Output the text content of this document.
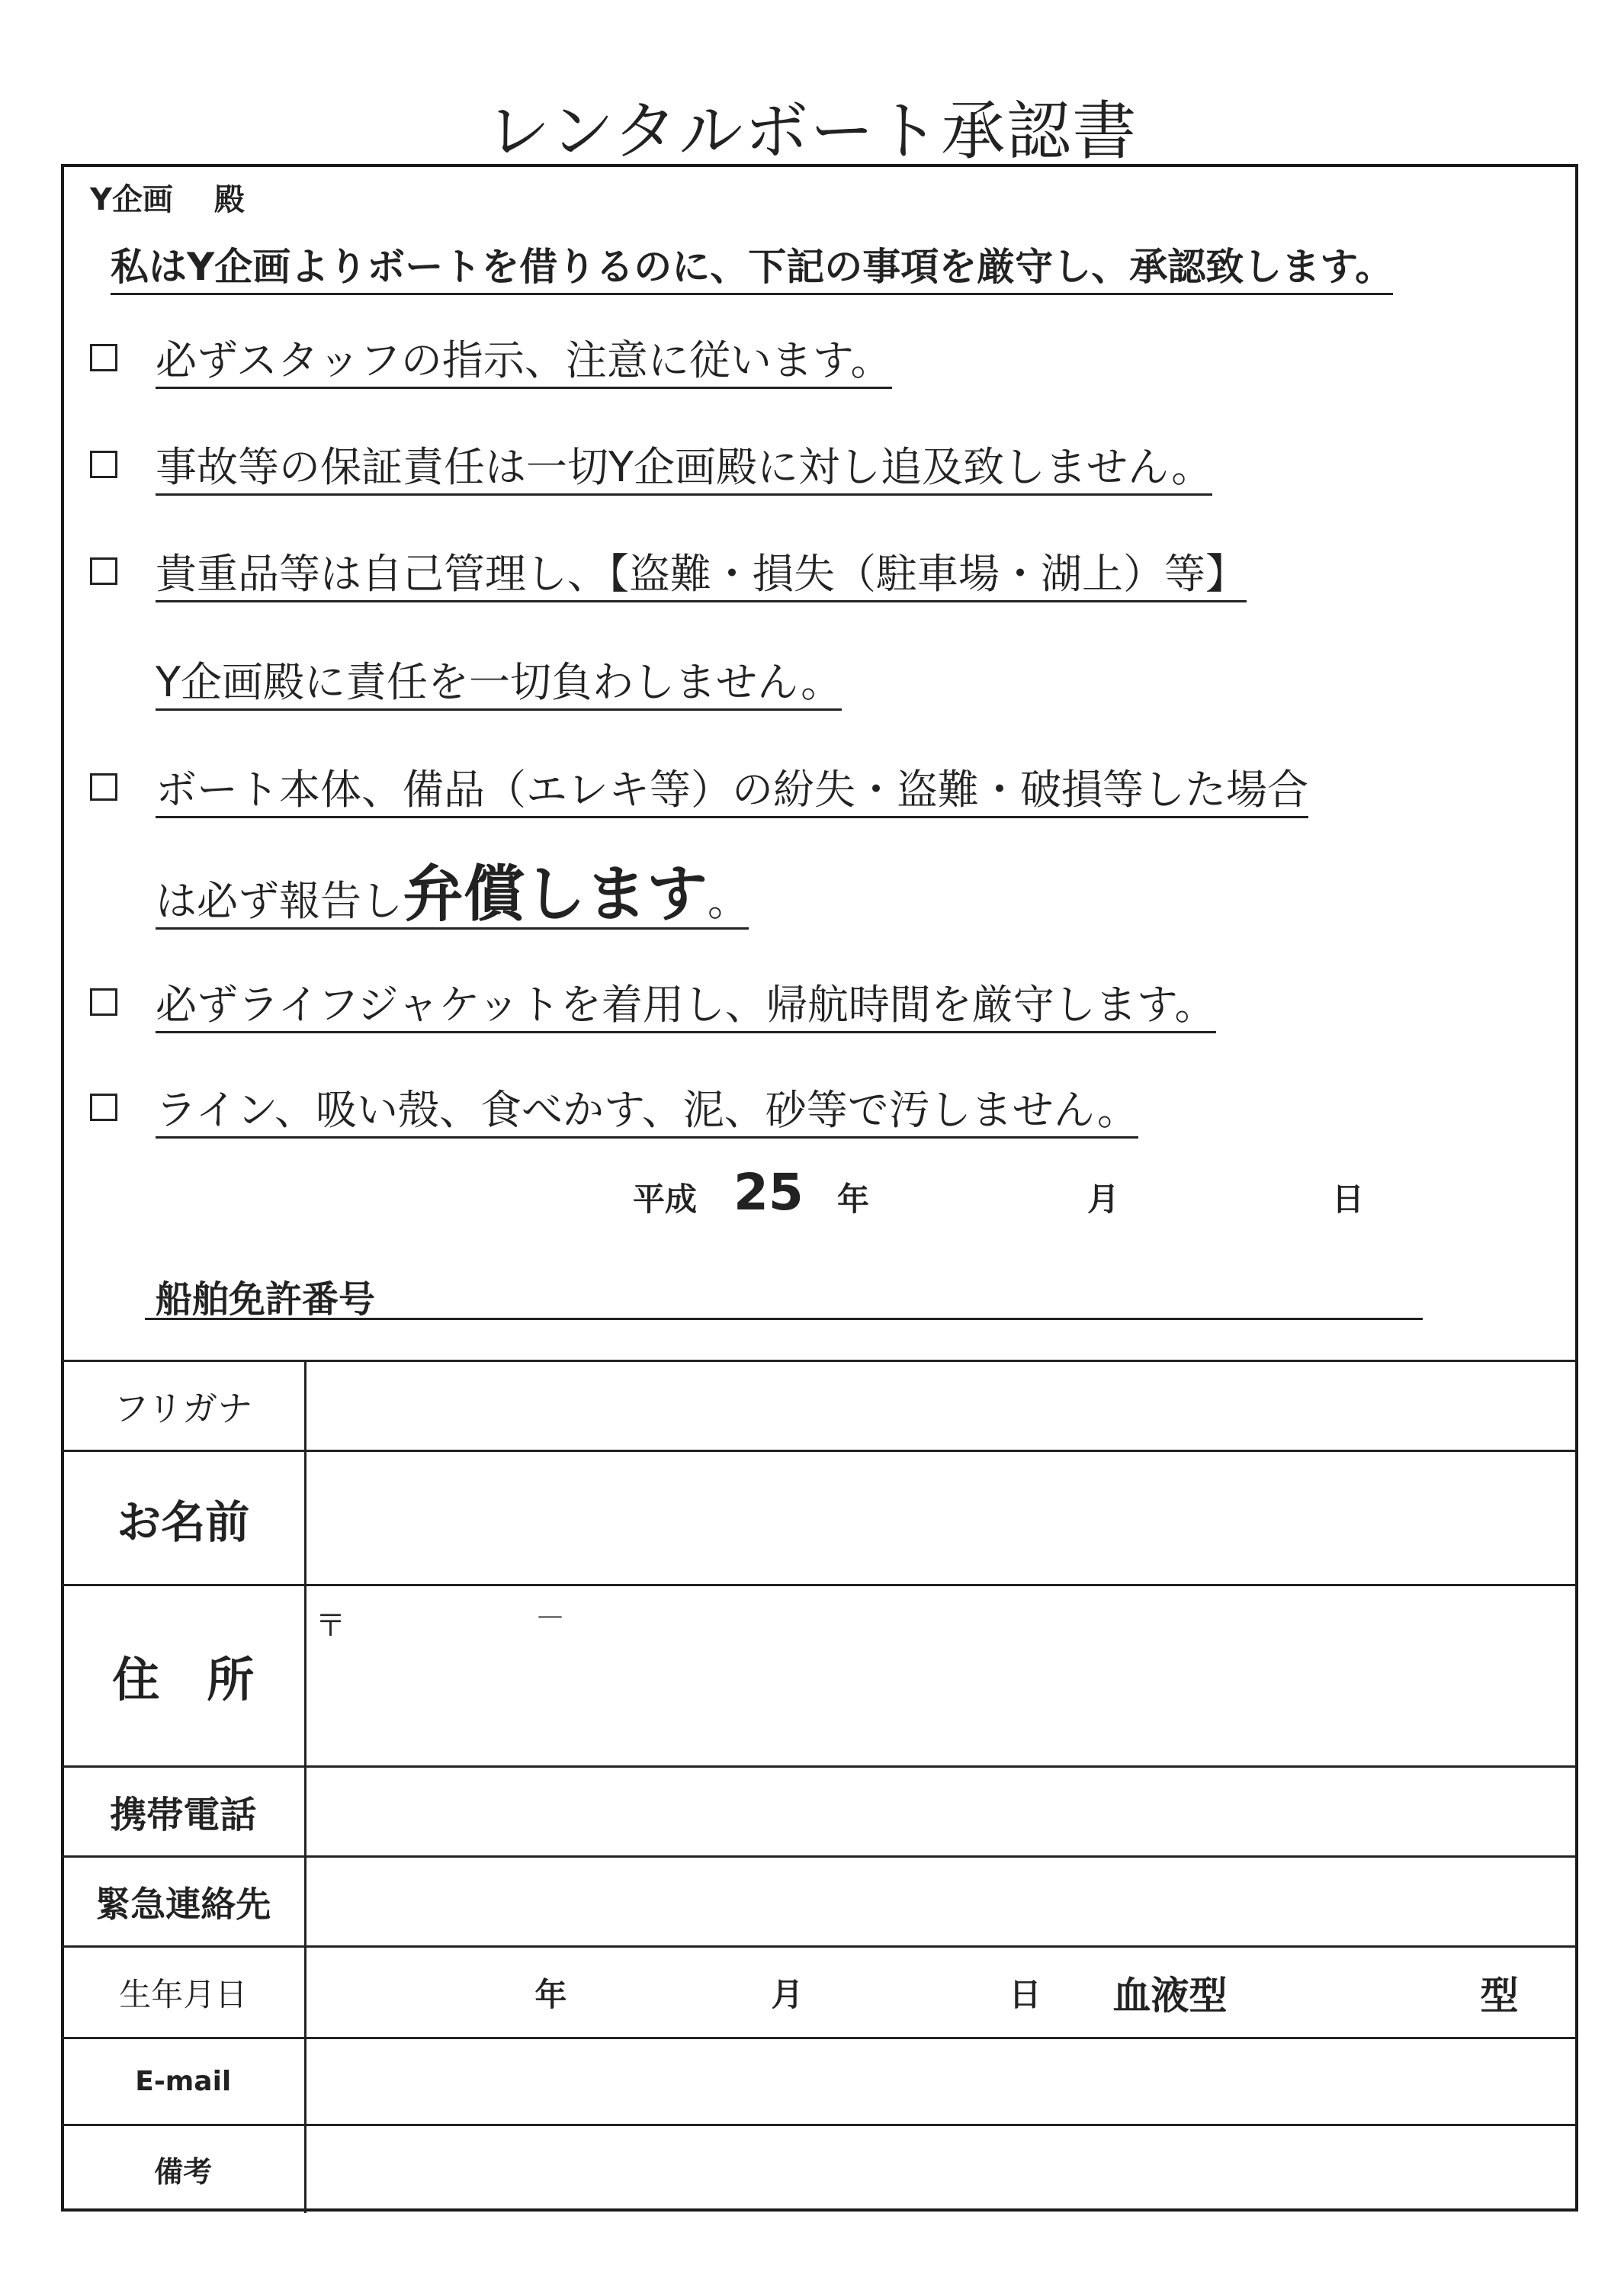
レンタルボート承認書
Y企画　 殿
私はY企画よりボートを借りるのに、下記の事項を厳守し、承認致します。
必ずスタッフの指示、注意に従います。
事故等の保証責任は一切Y企画殿に対し追及致しません。
貴重品等は自己管理し、【盗難・損失（駐車場・湖上）等】
Y企画殿に責任を一切負わしません。
ボート本体、備品（エレキ等）の紛失・盗難・破損等した場合
は必ず報告し弁償します。
必ずライフジャケットを着用し、帰航時間を厳守します。
ライン、吸い殻、食べかす、泥、砂等で汚しません。
平成 25 年	月	日
船舶免許番号
フリガナ	
お名前	
住　所	〒 －

携帯電話	
緊急連絡先	
生年月日	年 月 日 血液型 型

E-mail	
備考	
